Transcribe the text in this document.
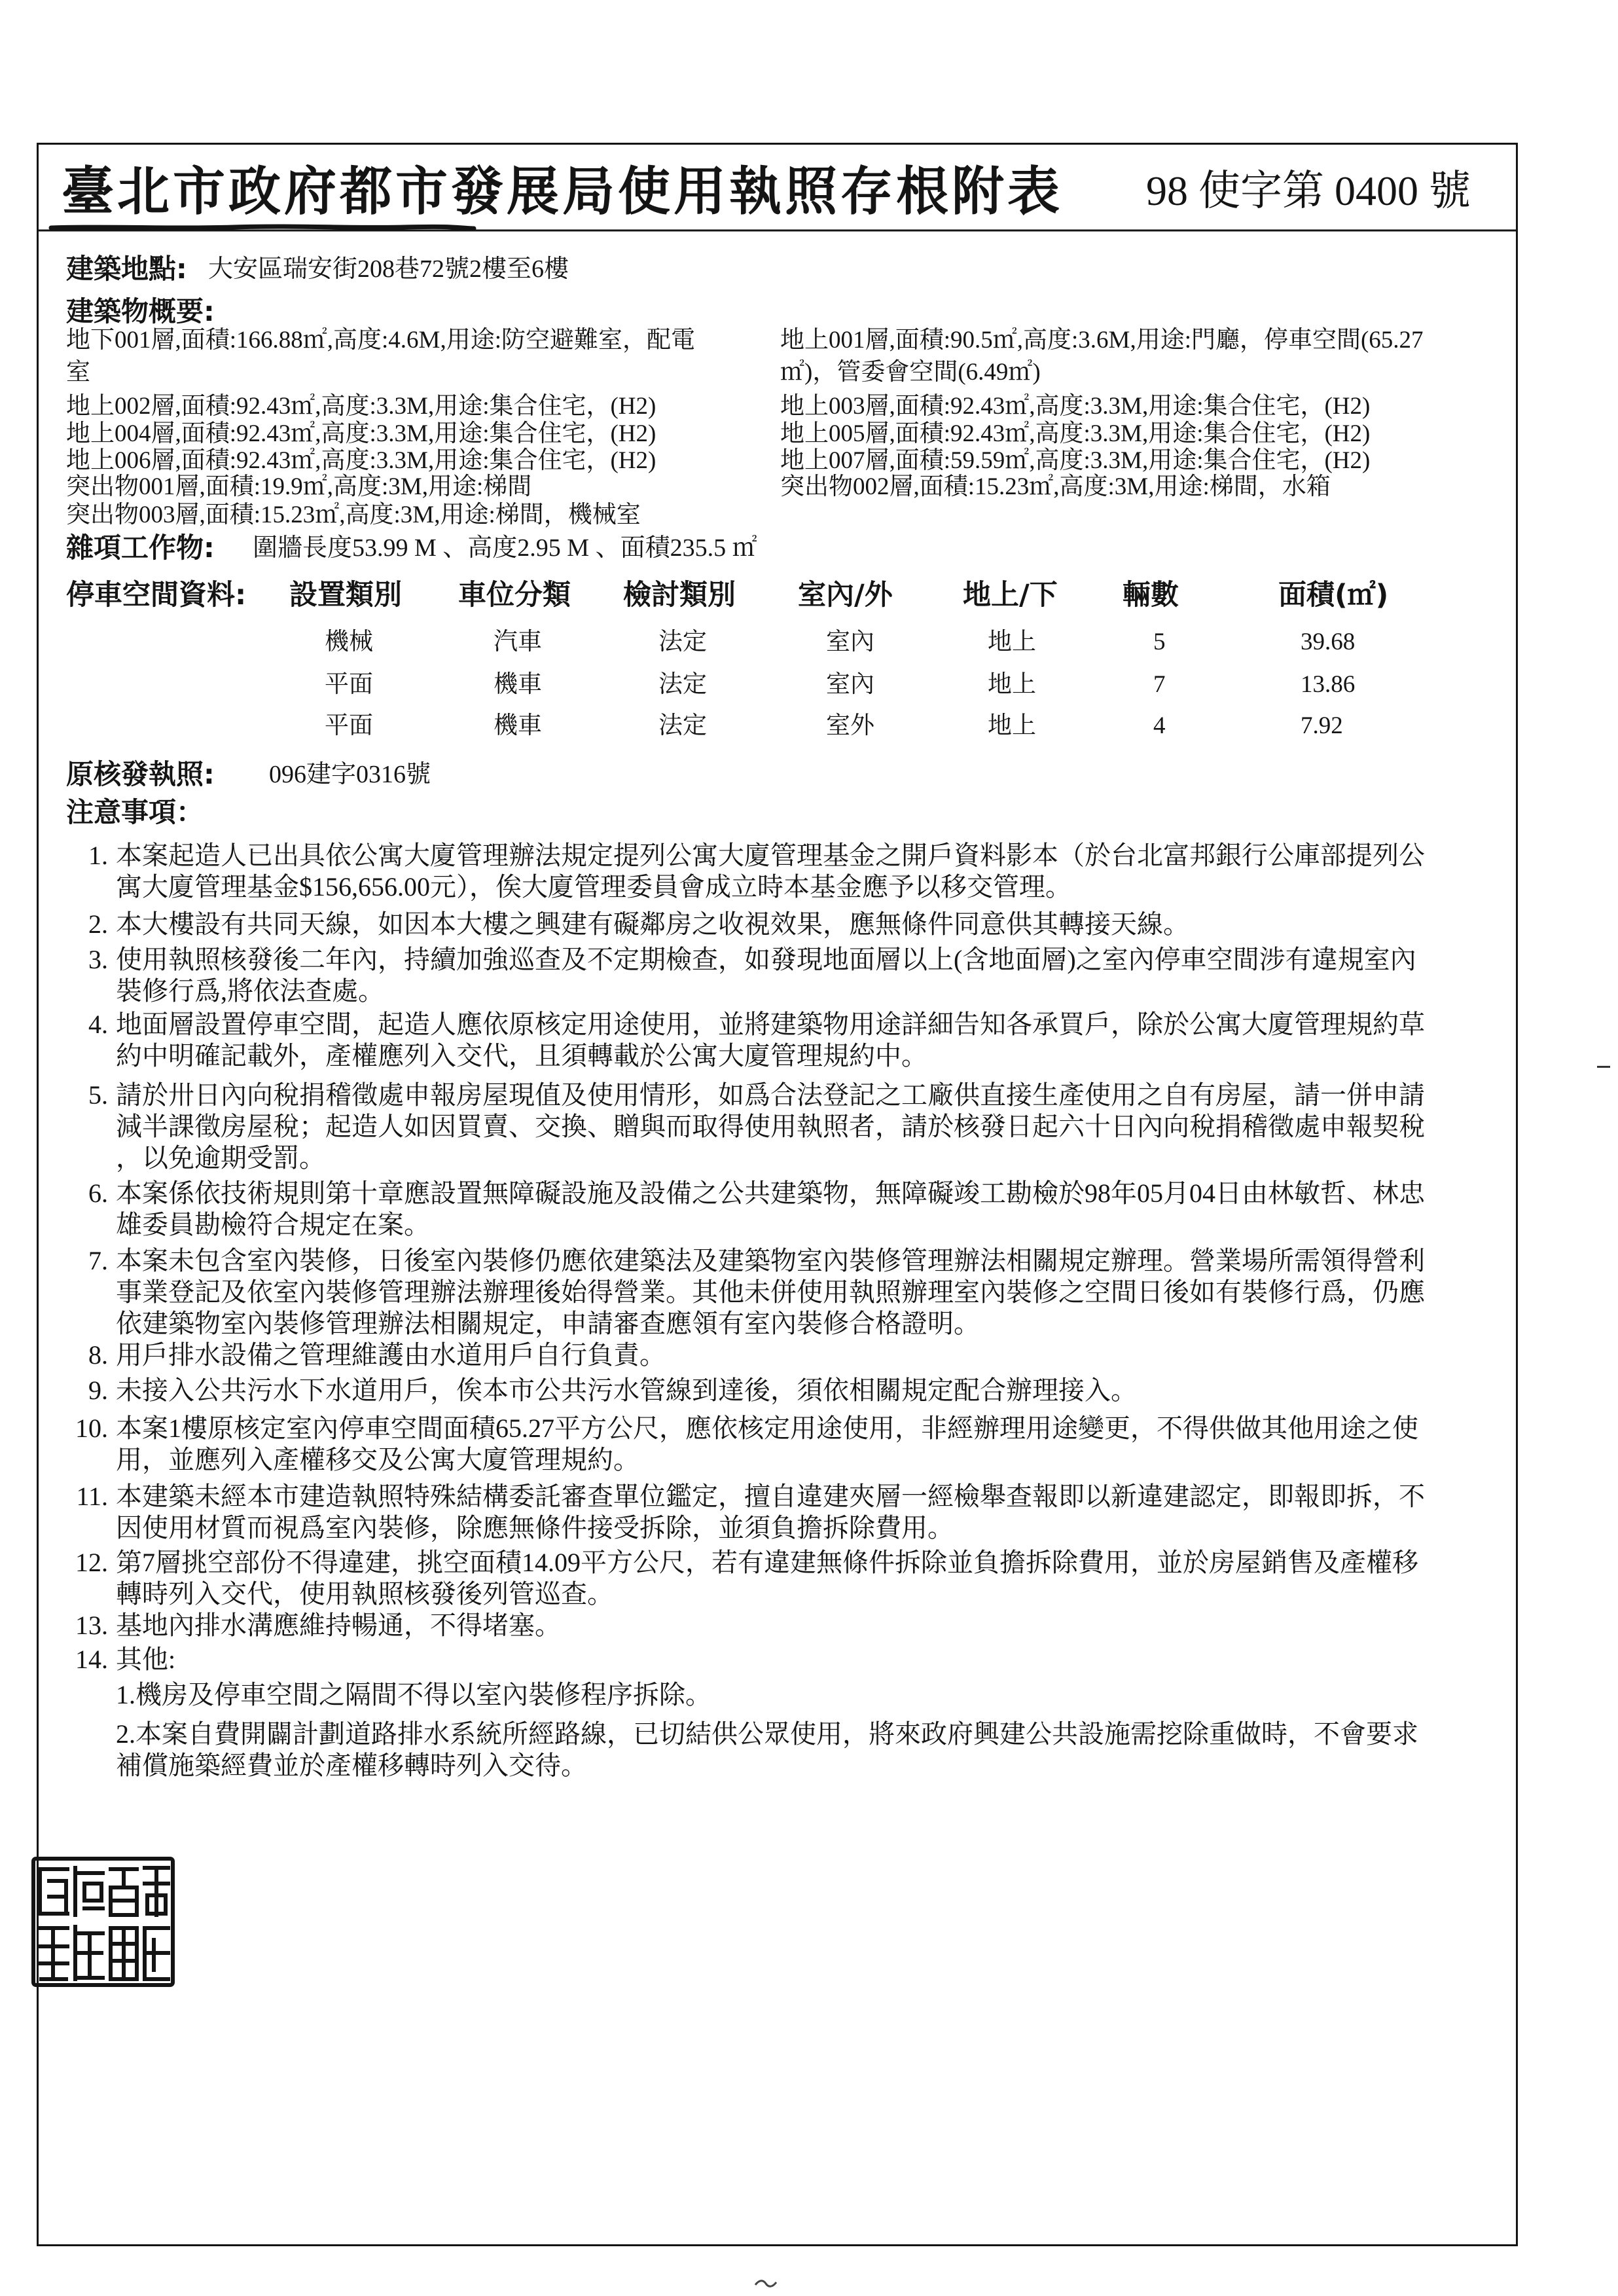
臺北市政府都市發展局使用執照存根附表 98 使字第 0400 號
建築地點: 大安區瑞安街208巷72號2樓至6樓
建築物概要:
地下001層,面積:166.88㎡,高度:4.6M,用途:防空避難室，配電
室
地上002層,面積:92.43㎡,高度:3.3M,用途:集合住宅，(H2)
地上004層,面積:92.43㎡,高度:3.3M,用途:集合住宅，(H2)
地上006層,面積:92.43㎡,高度:3.3M,用途:集合住宅，(H2)
突出物001層,面積:19.9㎡,高度:3M,用途:梯間
突出物003層,面積:15.23㎡,高度:3M,用途:梯間，機械室
地上001層,面積:90.5㎡,高度:3.6M,用途:門廳，停車空間(65.27
㎡)，管委會空間(6.49㎡)
地上003層,面積:92.43㎡,高度:3.3M,用途:集合住宅，(H2)
地上005層,面積:92.43㎡,高度:3.3M,用途:集合住宅，(H2)
地上007層,面積:59.59㎡,高度:3.3M,用途:集合住宅，(H2)
突出物002層,面積:15.23㎡,高度:3M,用途:梯間，水箱
雜項工作物: 圍牆長度53.99 M 、高度2.95 M 、面積235.5 ㎡
停車空間資料: 設置類別 車位分類 檢討類別 室內/外 地上/下 輛數	面積(㎡)
機械	汽車	法定	室內	地上	5	39.68
平面	機車	法定	室內	地上	7	13.86
平面	機車	法定	室外	地上	4	7.92
原核發執照: 096建字0316號
注意事項：
1. 本案起造人已出具依公寓大廈管理辦法規定提列公寓大廈管理基金之開戶資料影本（於台北富邦銀行公庫部提列公
寓大廈管理基金$156,656.00元），俟大廈管理委員會成立時本基金應予以移交管理。
2. 本大樓設有共同天線，如因本大樓之興建有礙鄰房之收視效果，應無條件同意供其轉接天線。
3. 使用執照核發後二年內，持續加強巡查及不定期檢查，如發現地面層以上(含地面層)之室內停車空間涉有違規室內
裝修行爲,將依法查處。
4. 地面層設置停車空間，起造人應依原核定用途使用，並將建築物用途詳細告知各承買戶，除於公寓大廈管理規約草
約中明確記載外，產權應列入交代，且須轉載於公寓大廈管理規約中。
5. 請於卅日內向稅捐稽徵處申報房屋現值及使用情形，如爲合法登記之工廠供直接生產使用之自有房屋，請一併申請
減半課徵房屋稅；起造人如因買賣、交換、贈與而取得使用執照者，請於核發日起六十日內向稅捐稽徵處申報契稅
，以免逾期受罰。
6. 本案係依技術規則第十章應設置無障礙設施及設備之公共建築物，無障礙竣工勘檢於98年05月04日由林敏哲、林忠
雄委員勘檢符合規定在案。
7. 本案未包含室內裝修，日後室內裝修仍應依建築法及建築物室內裝修管理辦法相關規定辦理。營業場所需領得營利
事業登記及依室內裝修管理辦法辦理後始得營業。其他未併使用執照辦理室內裝修之空間日後如有裝修行爲，仍應
依建築物室內裝修管理辦法相關規定，申請審查應領有室內裝修合格證明。
8. 用戶排水設備之管理維護由水道用戶自行負責。
9. 未接入公共污水下水道用戶，俟本市公共污水管線到達後，須依相關規定配合辦理接入。
10. 本案1樓原核定室內停車空間面積65.27平方公尺，應依核定用途使用，非經辦理用途變更，不得供做其他用途之使
用，並應列入產權移交及公寓大廈管理規約。
11. 本建築未經本市建造執照特殊結構委託審查單位鑑定，擅自違建夾層一經檢舉查報即以新違建認定，即報即拆，不
因使用材質而視爲室內裝修，除應無條件接受拆除，並須負擔拆除費用。
12. 第7層挑空部份不得違建，挑空面積14.09平方公尺，若有違建無條件拆除並負擔拆除費用，並於房屋銷售及產權移
轉時列入交代，使用執照核發後列管巡查。
13. 基地內排水溝應維持暢通，不得堵塞。
14. 其他:
1.機房及停車空間之隔間不得以室內裝修程序拆除。
2.本案自費開闢計劃道路排水系統所經路線，已切結供公眾使用，將來政府興建公共設施需挖除重做時，不會要求
補償施築經費並於產權移轉時列入交待。
